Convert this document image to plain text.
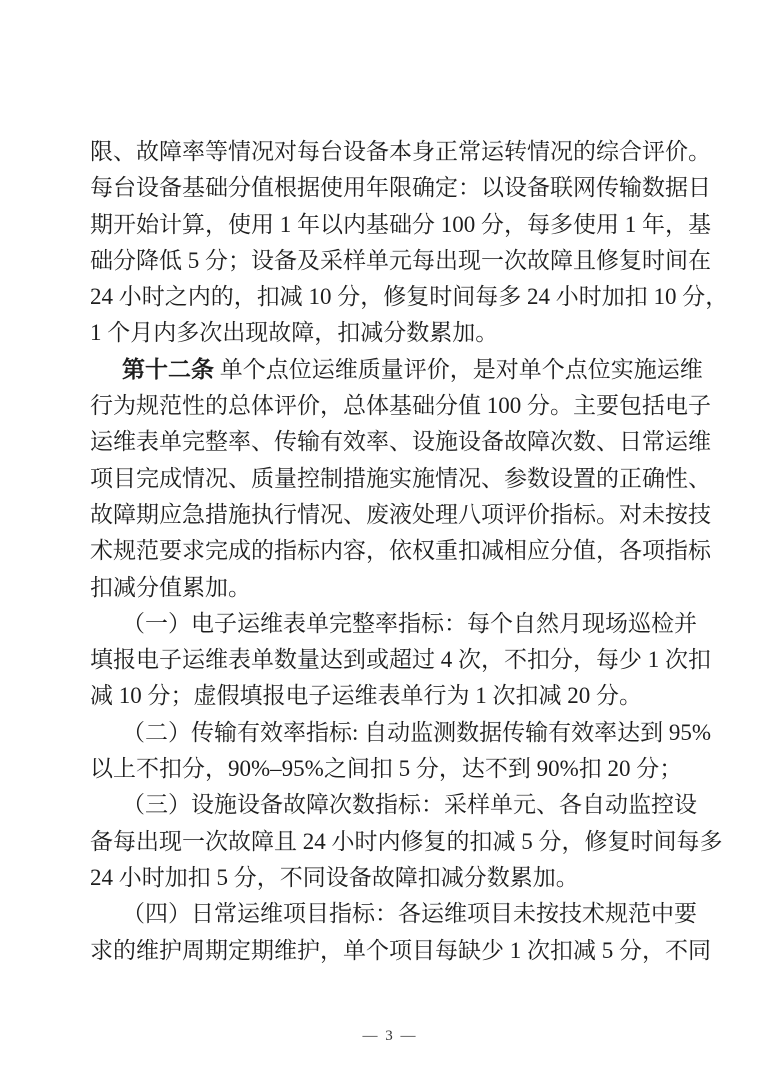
限、故障率等情况对每台设备本身正常运转情况的综合评价。
每台设备基础分值根据使用年限确定：以设备联网传输数据日
期开始计算，使用 1 年以内基础分 100 分，每多使用 1 年，基
础分降低 5 分；设备及采样单元每出现一次故障且修复时间在
24 小时之内的，扣减 10 分，修复时间每多 24 小时加扣 10 分，
1 个月内多次出现故障，扣减分数累加。
第十二条 单个点位运维质量评价，是对单个点位实施运维
行为规范性的总体评价，总体基础分值 100 分。主要包括电子
运维表单完整率、传输有效率、设施设备故障次数、日常运维
项目完成情况、质量控制措施实施情况、参数设置的正确性、
故障期应急措施执行情况、废液处理八项评价指标。对未按技
术规范要求完成的指标内容，依权重扣减相应分值，各项指标
扣减分值累加。
（一）电子运维表单完整率指标：每个自然月现场巡检并
填报电子运维表单数量达到或超过 4 次，不扣分，每少 1 次扣
减 10 分；虚假填报电子运维表单行为 1 次扣减 20 分。
（二）传输有效率指标: 自动监测数据传输有效率达到 95%
以上不扣分，90%–95%之间扣 5 分，达不到 90%扣 20 分；
（三）设施设备故障次数指标：采样单元、各自动监控设
备每出现一次故障且 24 小时内修复的扣减 5 分，修复时间每多
24 小时加扣 5 分，不同设备故障扣减分数累加。
（四）日常运维项目指标：各运维项目未按技术规范中要
求的维护周期定期维护，单个项目每缺少 1 次扣减 5 分，不同
— 3 —
